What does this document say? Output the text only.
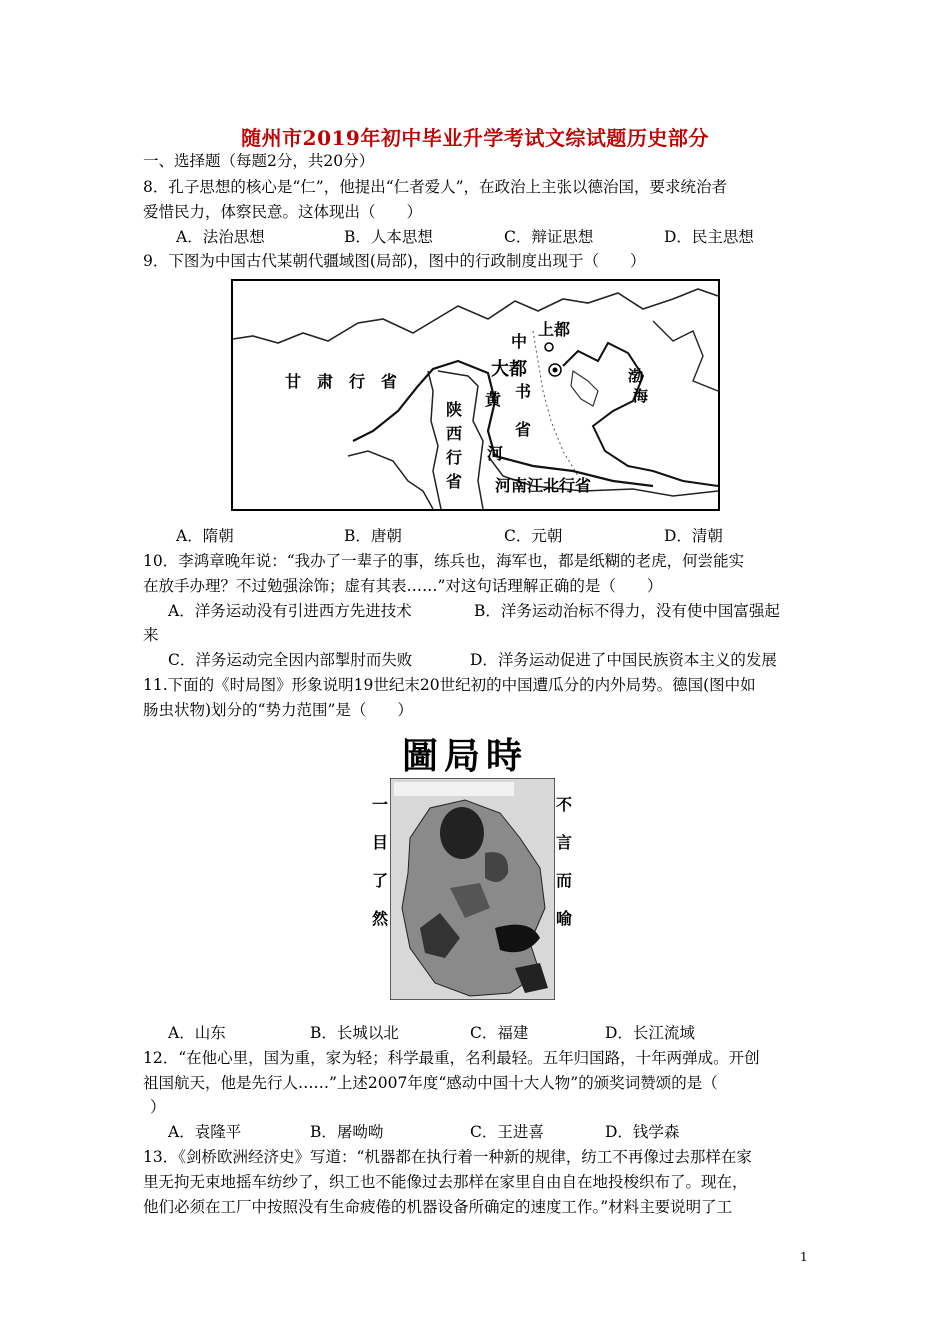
随州市2019年初中毕业升学考试文综试题历史部分
一、选择题（每题2分，共20分）
8．孔子思想的核心是“仁”，他提出“仁者爱人”，在政治上主张以德治国，要求统治者
爱惜民力，体察民意。这体现出（　　）
A．法治思想	B．人本思想	C．辩证思想	D．民主思想
9．下图为中国古代某朝代疆域图(局部)，图中的行政制度出现于（　　）
甘　肃　行　省
上都
大都
中
书
省
陕
西
行
省
黄
河
渤
海
河南江北行省
A．隋朝	B．唐朝	C．元朝	D．清朝
10．李鸿章晚年说：“我办了一辈子的事，练兵也，海军也，都是纸糊的老虎，何尝能实
在放手办理？不过勉强涂饰；虚有其表……”对这句话理解正确的是（　　）
A．洋务运动没有引进西方先进技术	B．洋务运动治标不得力，没有使中国富强起
来
C．洋务运动完全因内部掣肘而失败	D．洋务运动促进了中国民族资本主义的发展
11.下面的《时局图》形象说明19世纪末20世纪初的中国遭瓜分的内外局势。德国(图中如
肠虫状物)划分的“势力范围”是（　　）
圖局時
一
目
了
然
不
言
而
喻
A．山东	B．长城以北	C．福建	D．长江流域
12．“在他心里，国为重，家为轻；科学最重，名利最轻。五年归国路，十年两弹成。开创
祖国航天，他是先行人……”上述2007年度“感动中国十大人物”的颁奖词赞颂的是（
）
A．袁隆平	B．屠呦呦	C．王进喜	D．钱学森
13．《剑桥欧洲经济史》写道：“机器都在执行着一种新的规律，纺工不再像过去那样在家
里无拘无束地摇车纺纱了，织工也不能像过去那样在家里自由自在地投梭织布了。现在，
他们必须在工厂中按照没有生命疲倦的机器设备所确定的速度工作。”材料主要说明了工
1
